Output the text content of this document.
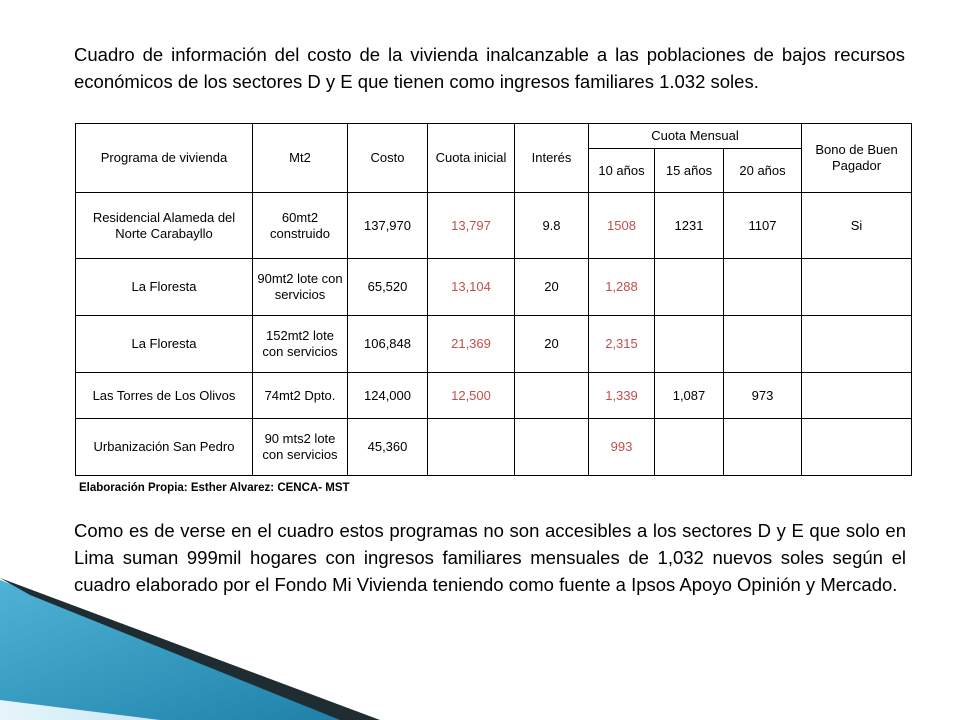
Cuadro de información del costo de la vivienda inalcanzable a las poblaciones de bajos recursos económicos de los sectores D y E que tienen como ingresos familiares 1.032 soles.

Programa de vivienda	Mt2	Costo	Cuota inicial	Interés	Cuota Mensual			Bono de Buen Pagador
					10 años	15 años	20 años	
Residencial Alameda del Norte Carabayllo	60mt2 construido	137,970	13,797	9.8	1508	1231	1107	Si
La Floresta	90mt2 lote con servicios	65,520	13,104	20	1,288			
La Floresta	152mt2 lote con servicios	106,848	21,369	20	2,315			
Las Torres de Los Olivos	74mt2 Dpto.	124,000	12,500		1,339	1,087	973	
Urbanización San Pedro	90 mts2 lote con servicios	45,360			993			

Elaboración Propia: Esther Alvarez: CENCA- MST

Como es de verse en el cuadro estos programas no son accesibles a los sectores D y E que solo en Lima suman 999mil hogares con ingresos familiares mensuales de 1,032 nuevos soles según el cuadro elaborado por el Fondo Mi Vivienda teniendo como fuente a Ipsos Apoyo Opinión y Mercado.
